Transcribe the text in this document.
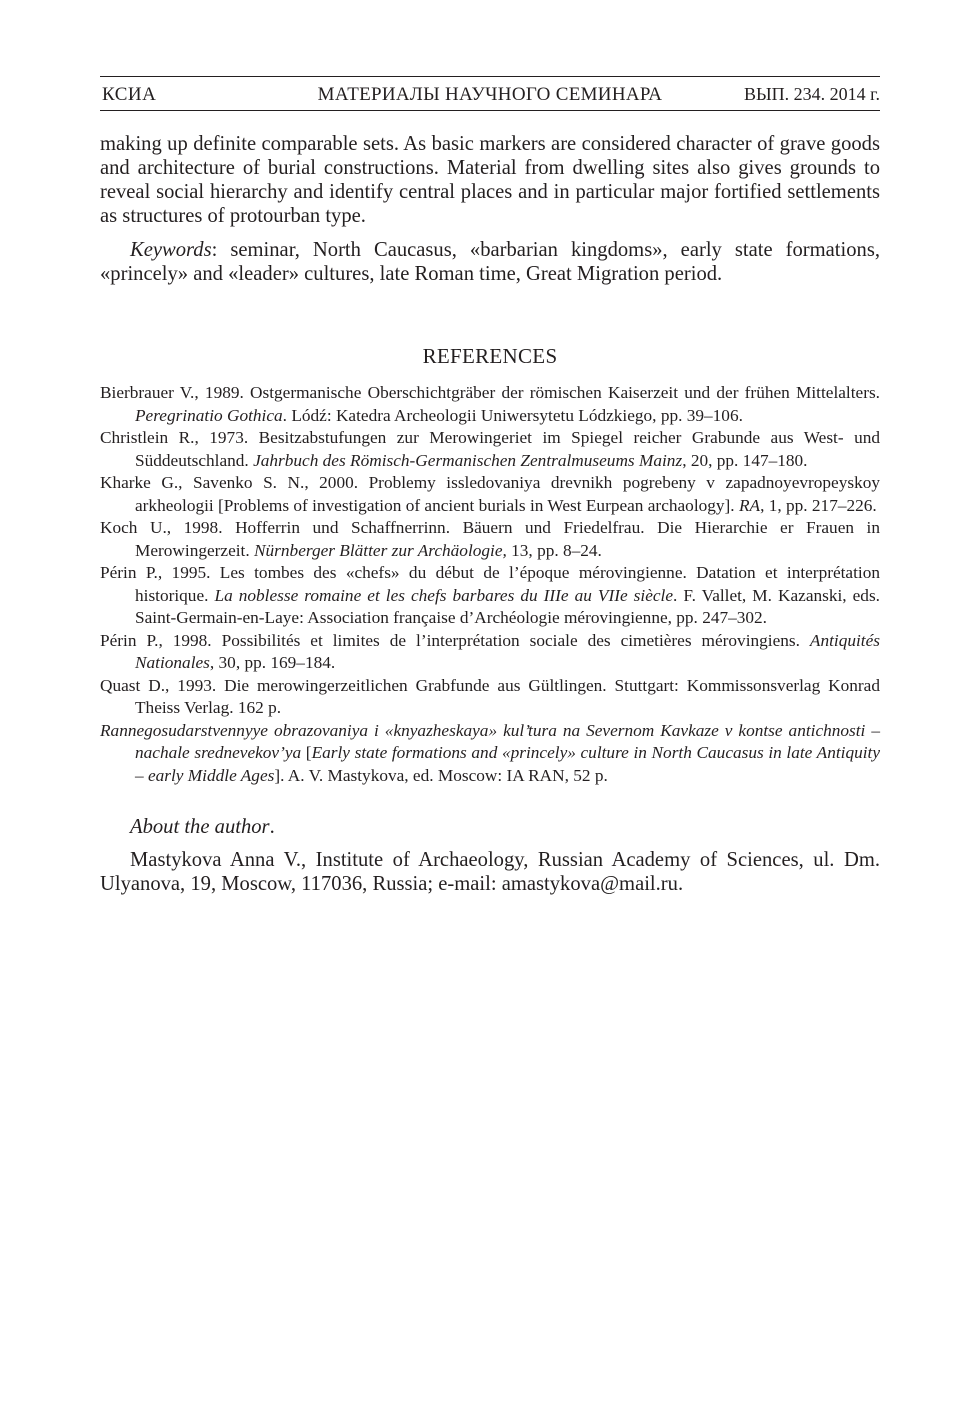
КСИА	МАТЕРИАЛЫ НАУЧНОГО СЕМИНАРА	ВЫП. 234. 2014 г.

making up definite comparable sets. As basic markers are considered character of grave goods and architecture of burial constructions. Material from dwelling sites also gives grounds to reveal social hierarchy and identify central places and in particular major fortified settlements as structures of protourban type.

Keywords: seminar, North Caucasus, «barbarian kingdoms», early state formations, «princely» and «leader» cultures, late Roman time, Great Migration period.

REFERENCES

Bierbrauer V., 1989. Ostgermanische Oberschichtgräber der römischen Kaiserzeit und der frühen Mittelalters. Peregrinatio Gothica. Lódź: Katedra Archeologii Uniwersytetu Lódzkiego, pp. 39–106.

Christlein R., 1973. Besitzabstufungen zur Merowingeriet im Spiegel reicher Grabunde aus West- und Süddeutschland. Jahrbuch des Römisch-Germanischen Zentralmuseums Mainz, 20, pp. 147–180.

Kharke G., Savenko S. N., 2000. Problemy issledovaniya drevnikh pogrebeny v zapadnoyevropeyskoy arkheologii [Problems of investigation of ancient burials in West Eurpean archaology]. RA, 1, pp. 217–226.

Koch U., 1998. Hofferrin und Schaffnerrinn. Bäuern und Friedelfrau. Die Hierarchie er Frauen in Merowingerzeit. Nürnberger Blätter zur Archäologie, 13, pp. 8–24.

Périn P., 1995. Les tombes des «chefs» du début de l’époque mérovingienne. Datation et interprétation historique. La noblesse romaine et les chefs barbares du IIIe au VIIe siècle. F. Vallet, M. Kazanski, eds. Saint-Germain-en-Laye: Association française d’Archéologie mérovingienne, pp. 247–302.

Périn P., 1998. Possibilités et limites de l’interprétation sociale des cimetières mérovingiens. Antiquités Nationales, 30, pp. 169–184.

Quast D., 1993. Die merowingerzeitlichen Grabfunde aus Gültlingen. Stuttgart: Kommissonsverlag Konrad Theiss Verlag. 162 p.

Rannegosudarstvennyye obrazovaniya i «knyazheskaya» kul’tura na Severnom Kavkaze v kontse antichnosti – nachale srednevekov’ya [Early state formations and «princely» culture in North Caucasus in late Antiquity – early Middle Ages]. A. V. Mastykova, ed. Moscow: IA RAN, 52 p.

About the author.

Mastykova Anna V., Institute of Archaeology, Russian Academy of Sciences, ul. Dm. Ulyanova, 19, Moscow, 117036, Russia; e-mail: amastykova@mail.ru.
